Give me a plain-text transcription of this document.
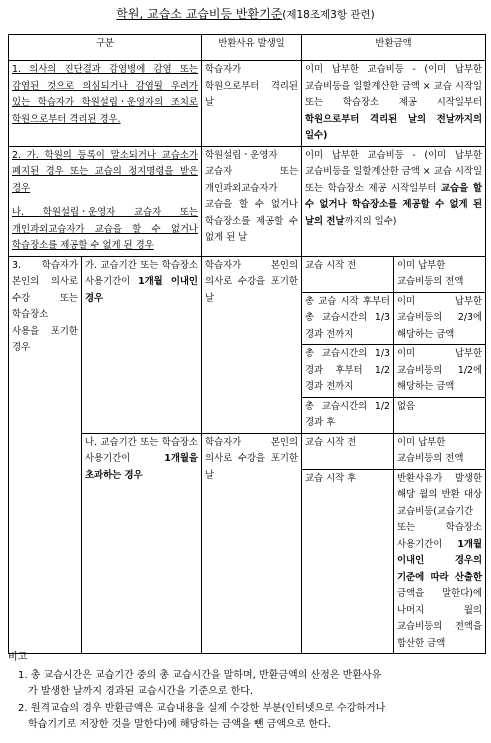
학원, 교습소 교습비등 반환기준(제18조제3항 관련)
구분		반환사유 발생일	반환금액	
1. 의사의 진단결과 감염병에 감염 또는 감염된 것으로 의심되거나 감염될 우려가 있는 학습자가 학원설립ㆍ운영자의 조치로 학원으로부터 격리된 경우.		학습자가 학원으로부터 격리된 날	이미 납부한 교습비등 - (이미 납부한 교습비등을 일할계산한 금액 × 교습 시작일 또는 학습장소 제공 시작일부터 학원으로부터 격리된 날의 전날까지의 일수)	

2. 가. 학원의 등록이 말소되거나 교습소가 폐지된 경우 또는 교습의 정지명령을 받은 경우
나. 학원설립ㆍ운영자 교습자 또는 개인과외교습자가 교습을 할 수 없거나 학습장소를 제공할 수 없게 된 경우		학원설립ㆍ운영자 교습자 또는 개인과외교습자가 교습을 할 수 없거나 학습장소를 제공할 수 없게 된 날	이미 납부한 교습비등 - (이미 납부한 교습비등을 일할계산한 금액 × 교습 시작일 또는 학습장소 제공 시작일부터 교습을 할 수 없거나 학습장소를 제공할 수 없게 된 날의 전날까지의 일수)	
3. 학습자가 본인의 의사로 수강 또는 학습장소 사용을 포기한 경우	가. 교습기간 또는 학습장소 사용기간이 1개월 이내인 경우	학습자가 본인의 의사로 수강을 포기한 날	교습 시작 전	이미 납부한 교습비등의 전액
			총 교습 시작 후부터 총 교습시간의 1/3 경과 전까지	이미 납부한 교습비등의 2/3에 해당하는 금액
			총 교습시간의 1/3 경과 후부터 1/2 경과 전까지	이미 납부한 교습비등의 1/2에 해당하는 금액
			총 교습시간의 1/2 경과 후	없음
	나. 교습기간 또는 학습장소 사용기간이 1개월을 초과하는 경우	학습자가 본인의 의사로 수강을 포기한 날	교습 시작 전	이미 납부한 교습비등의 전액
			교습 시작 후	반환사유가 발생한 해당 월의 반환 대상 교습비등(교습기간 또는 학습장소 사용기간이 1개월 이내인 경우의 기준에 따라 산출한 금액을 말한다)에 나머지 월의 교습비등의 전액을 합산한 금액
비고
1. 총 교습시간은 교습기간 중의 총 교습시간을 말하며, 반환금액의 산정은 반환사유
가 발생한 날까지 경과된 교습시간을 기준으로 한다.
2. 원격교습의 경우 반환금액은 교습내용을 실제 수강한 부분(인터넷으로 수강하거나
학습기기로 저장한 것을 말한다)에 해당하는 금액을 뺀 금액으로 한다.
